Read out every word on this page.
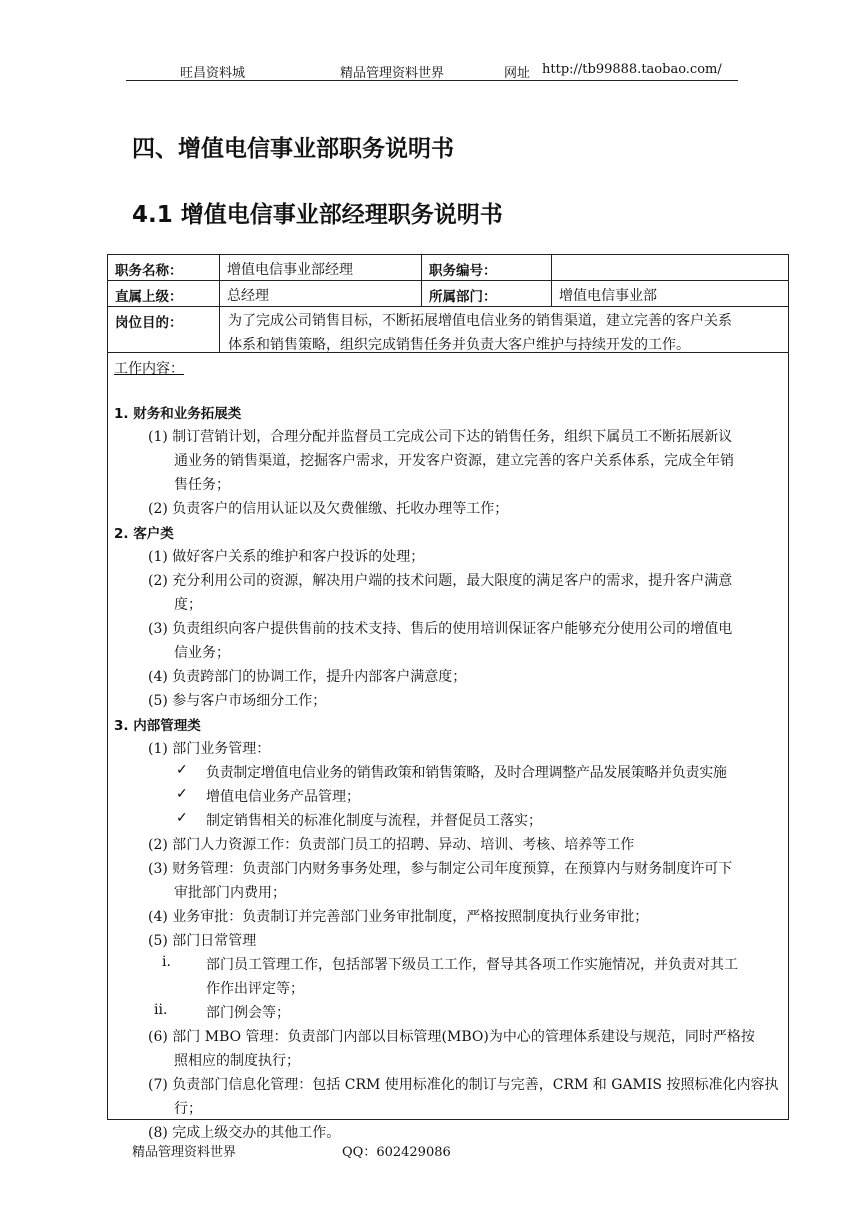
旺昌资料城	精品管理资料世界	网址 http://tb99888.taobao.com/
四、增值电信事业部职务说明书
4.1 增值电信事业部经理职务说明书
职务名称：	增值电信事业部经理	职务编号：
直属上级：	总经理	所属部门：	增值电信事业部
岗位目的：	为了完成公司销售目标，不断拓展增值电信业务的销售渠道，建立完善的客户关系
体系和销售策略，组织完成销售任务并负责大客户维护与持续开发的工作。
工作内容：
1. 财务和业务拓展类
(1) 制订营销计划，合理分配并监督员工完成公司下达的销售任务，组织下属员工不断拓展新议
通业务的销售渠道，挖掘客户需求，开发客户资源，建立完善的客户关系体系，完成全年销
售任务；
(2) 负责客户的信用认证以及欠费催缴、托收办理等工作；
2. 客户类
(1) 做好客户关系的维护和客户投诉的处理；
(2) 充分利用公司的资源，解决用户端的技术问题，最大限度的满足客户的需求，提升客户满意
度；
(3) 负责组织向客户提供售前的技术支持、售后的使用培训保证客户能够充分使用公司的增值电
信业务；
(4) 负责跨部门的协调工作，提升内部客户满意度；
(5) 参与客户市场细分工作；
3. 内部管理类
(1) 部门业务管理：
✓ 负责制定增值电信业务的销售政策和销售策略，及时合理调整产品发展策略并负责实施
✓ 增值电信业务产品管理；
✓ 制定销售相关的标准化制度与流程，并督促员工落实；
(2) 部门人力资源工作：负责部门员工的招聘、异动、培训、考核、培养等工作
(3) 财务管理：负责部门内财务事务处理，参与制定公司年度预算，在预算内与财务制度许可下
审批部门内费用；
(4) 业务审批：负责制订并完善部门业务审批制度，严格按照制度执行业务审批；
(5) 部门日常管理
i.	部门员工管理工作，包括部署下级员工工作，督导其各项工作实施情况，并负责对其工
作作出评定等；
ii.	部门例会等；
(6) 部门 MBO 管理：负责部门内部以目标管理(MBO)为中心的管理体系建设与规范，同时严格按
照相应的制度执行；
(7) 负责部门信息化管理：包括 CRM 使用标准化的制订与完善，CRM 和 GAMIS 按照标准化内容执
行；
(8) 完成上级交办的其他工作。
精品管理资料世界	QQ：602429086
